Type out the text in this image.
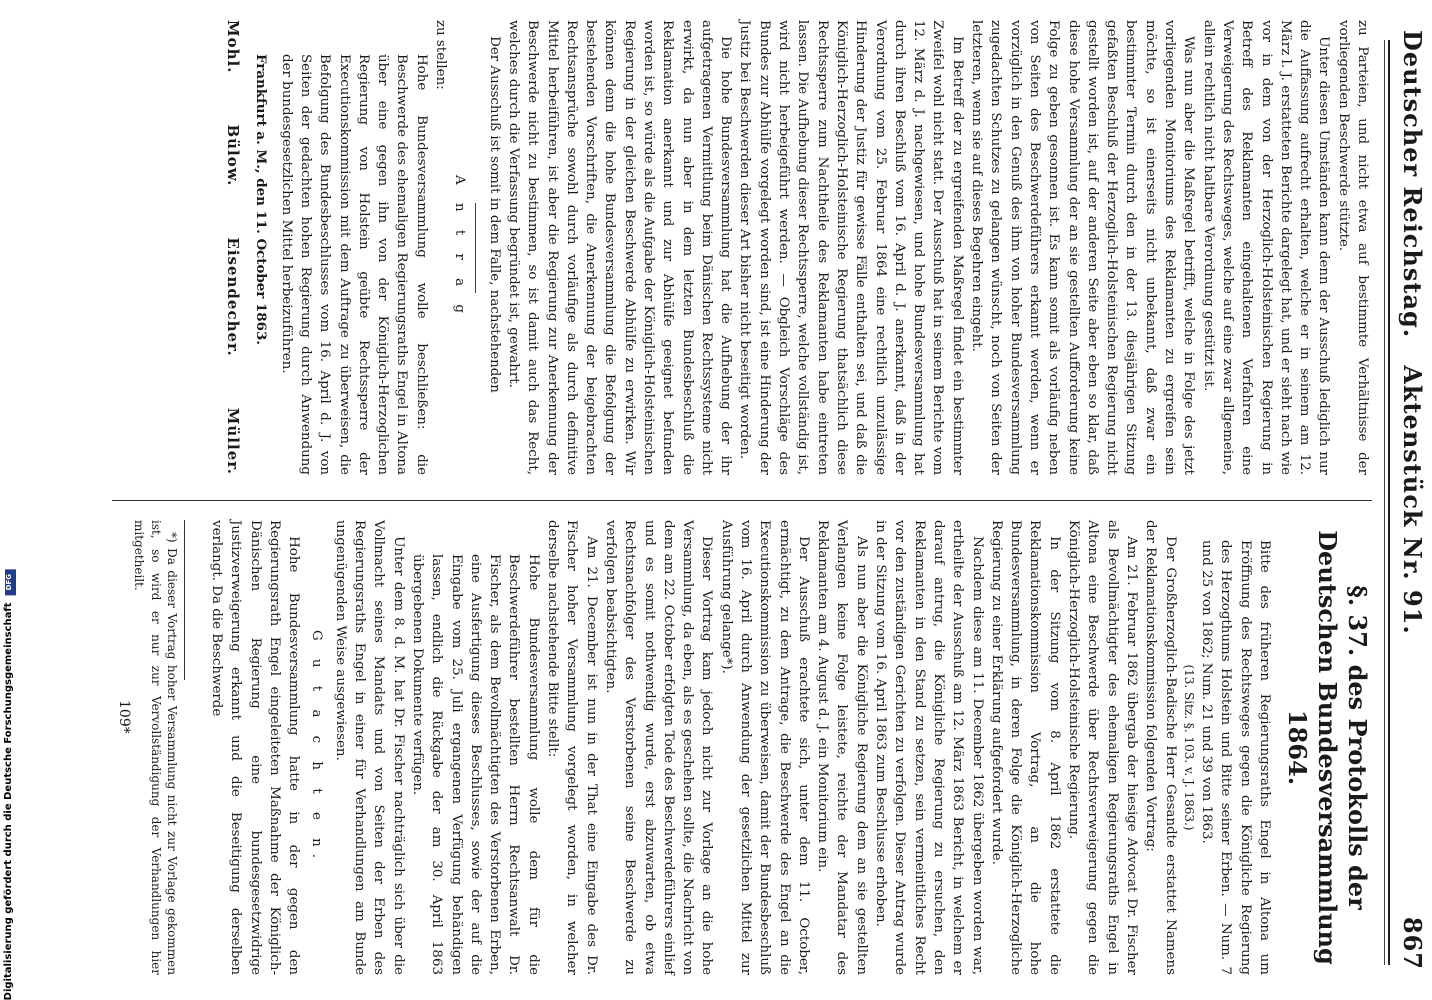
Deutscher Reichstag.
Aktenstück Nr. 91.
867

zu Parteien, und nicht etwa auf bestimmte Verhältnisse der vorliegenden Beschwerde stützte.

Unter diesen Umständen kann denn der Ausschuß lediglich nur die Auffassung aufrecht erhalten, welche er in seinem am 12. März l. J. erstatteten Berichte dargelegt hat, und er sieht nach wie vor in dem von der Herzoglich-Holsteinischen Regierung in Betreff des Reklamanten eingehaltenen Verfahren eine Verweigerung des Rechtsweges, welche auf eine zwar allgemeine, allein rechtlich nicht haltbare Verordnung gestützt ist.

Was nun aber die Maßregel betrifft, welche in Folge des jetzt vorliegenden Monitoriums des Reklamanten zu ergreifen sein möchte, so ist einerseits nicht unbekannt, daß zwar ein bestimmter Termin durch den in der 13. diesjährigen Sitzung gefaßten Beschluß der Herzoglich-Holsteinischen Regierung nicht gestellt worden ist, auf der anderen Seite aber eben so klar, daß diese hohe Versammlung der an sie gestellten Aufforderung keine Folge zu geben gesonnen ist. Es kann somit als vorläufig neben von Seiten des Beschwerdeführers erkannt werden, wenn er vorzüglich in den Genuß des ihm von hoher Bundesversammlung zugedachten Schutzes zu gelangen wünscht, noch von Seiten der letzteren, wenn sie auf dieses Begehren eingeht.

Im Betreff der zu ergreifenden Maßregel findet ein bestimmter Zweifel wohl nicht statt. Der Ausschuß hat in seinem Berichte vom 12. März d. J. nachgewiesen, und hohe Bundesversammlung hat durch ihren Beschluß vom 16. April d. J. anerkannt, daß in der Verordnung vom 25. Februar 1864 eine rechtlich unzulässige Hinderung der Justiz für gewisse Fälle enthalten sei, und daß die Königlich-Herzoglich-Holsteinische Regierung thatsächlich diese Rechtssperre zum Nachtheile des Reklamanten habe eintreten lassen. Die Aufhebung dieser Rechtssperre, welche vollständig ist, wird nicht herbeigeführt werden. — Obgleich Vorschläge des Bundes zur Abhülfe vorgelegt worden sind, ist eine Hinderung der Justiz bei Beschwerden dieser Art bisher nicht beseitigt worden.

Die hohe Bundesversammlung hat die Aufhebung der ihr aufgetragenen Vermittlung beim Dänischen Rechtssysteme nicht erwirkt, da nun aber in dem letzten Bundesbeschluß die Reklamation anerkannt und zur Abhülfe geeignet befunden worden ist, so würde als die Aufgabe der Königlich-Holsteinischen Regierung in der gleichen Beschwerde Abhülfe zu erwirken. Wir können denn die hohe Bundesversammlung die Befolgung der bestehenden Vorschriften, die Anerkennung der beigebrachten Rechtsansprüche sowohl durch vorläufige als durch definitive Mittel herbeiführen, ist aber die Regierung zur Anerkennung der Beschwerde nicht zu bestimmen, so ist damit auch das Recht, welches durch die Verfassung begründet ist, gewahrt.

Der Ausschuß ist somit in dem Falle, nachstehenden

A n t r a g

zu stellen:

Hohe Bundesversammlung wolle beschließen: die Beschwerde des ehemaligen Regierungsraths Engel in Altona über eine gegen ihn von der Königlich-Herzoglichen Regierung von Holstein geübte Rechtssperre der Executionskommission mit dem Auftrage zu überweisen, die Befolgung des Bundesbeschlusses vom 16. April d. J. von Seiten der gedachten hohen Regierung durch Anwendung der bundesgesetzlichen Mittel herbeizuführen.

Frankfurt a. M., den 11. October 1863.

Mohl.
Bülow.
Eisendecher.
Müller.
§. 37. des Protokolls der Deutschen Bundesversammlung 1864.

Bitte des früheren Regierungsraths Engel in Altona um Eröffnung des Rechtsweges gegen die Königliche Regierung des Herzogthums Holstein und Bitte seiner Erben. — Num. 7 und 25 von 1862; Num. 21 und 39 von 1863.

(13. Sitz. §. 103. v. J. 1863.)

Der Großherzoglich-Badische Herr Gesandte erstattet Namens der Reklamationskommission folgenden Vortrag:

Am 21. Februar 1862 übergab der hiesige Advocat Dr. Fischer als Bevollmächtigter des ehemaligen Regierungsraths Engel in Altona eine Beschwerde über Rechtsverweigerung gegen die Königlich-Herzoglich-Holsteinische Regierung.

In der Sitzung vom 8. April 1862 erstattete die Reklamationskommission Vortrag, an die hohe Bundesversammlung, in deren Folge die Königlich-Herzogliche Regierung zu einer Erklärung aufgefordert wurde.

Nachdem diese am 11. December 1862 übergeben worden war, ertheilte der Ausschuß am 12. März 1863 Bericht, in welchem er darauf antrug, die Königliche Regierung zu ersuchen, den Reklamanten in den Stand zu setzen, sein vermeintliches Recht vor den zuständigen Gerichten zu verfolgen. Dieser Antrag wurde in der Sitzung vom 16. April 1863 zum Beschlusse erhoben.

Als nun aber die Königliche Regierung dem an sie gestellten Verlangen keine Folge leistete, reichte der Mandatar des Reklamanten am 4. August d. J. ein Monitorium ein.

Der Ausschuß erachtete sich, unter dem 11. October, ermächtigt, zu dem Antrage, die Beschwerde des Engel an die Executionskommission zu überweisen, damit der Bundesbeschluß vom 16. April durch Anwendung der gesetzlichen Mittel zur Ausführung gelange*).

Dieser Vortrag kam jedoch nicht zur Vorlage an die hohe Versammlung, da eben, als es geschehen sollte, die Nachricht von dem am 22. October erfolgten Tode des Beschwerdeführers einlief und es somit nothwendig wurde, erst abzuwarten, ob etwa Rechtsnachfolger des Verstorbenen seine Beschwerde zu verfolgen beabsichtigten.

Am 21. December ist nun in der That eine Eingabe des Dr. Fischer hoher Versammlung vorgelegt worden, in welcher derselbe nachstehende Bitte stellt:

Hohe Bundesversammlung wolle dem für die Beschwerdeführer bestellten Herrn Rechtsanwalt Dr. Fischer, als dem Bevollmächtigten des Verstorbenen Erben, eine Ausfertigung dieses Beschlusses, sowie der auf die Eingabe vom 25. Juli ergangenen Verfügung behändigen lassen, endlich die Rückgabe der am 30. April 1863 übergebenen Dokumente verfügen.

Unter dem 8. d. M. hat Dr. Fischer nachträglich sich über die Vollmacht seines Mandats und von Seiten der Erben des Regierungsraths Engel in einer für Verhandlungen am Bunde ungenügenden Weise ausgewiesen.

G u t a c h t e n.

Hohe Bundesversammlung hatte in der gegen den Regierungsrath Engel eingeleiteten Maßnahme der Königlich-Dänischen Regierung eine bundesgesetzwidrige Justizverweigerung erkannt und die Beseitigung derselben verlangt. Da die Beschwerde

*) Da dieser Vortrag hoher Versammlung nicht zur Vorlage gekommen ist, so wird er nur zur Vervollständigung der Verhandlungen hier mitgetheilt.

109*
Digitalisierung gefördert durch die Deutsche Forschungsgemeinschaft DFG
